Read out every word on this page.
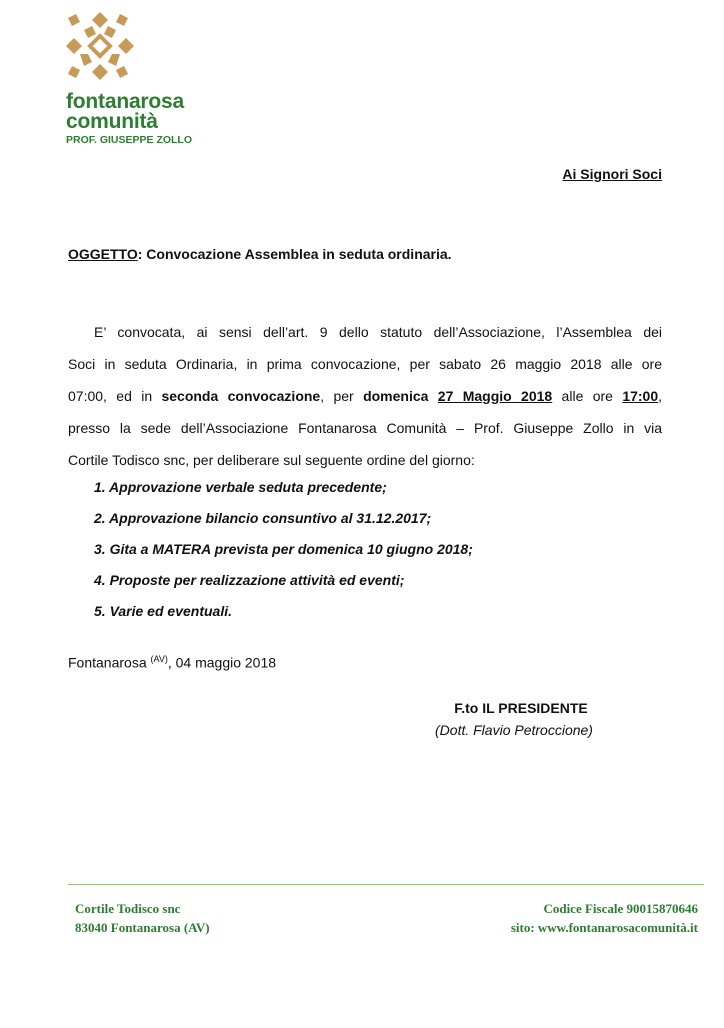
fontanarosa
comunità
PROF. GIUSEPPE ZOLLO
Ai Signori Soci
OGGETTO: Convocazione Assemblea in seduta ordinaria.
E’ convocata, ai sensi dell’art. 9 dello statuto dell’Associazione, l’Assemblea dei
Soci in seduta Ordinaria, in prima convocazione, per sabato 26 maggio 2018 alle ore
07:00, ed in seconda convocazione, per domenica 27 Maggio 2018 alle ore 17:00,
presso la sede dell’Associazione Fontanarosa Comunità – Prof. Giuseppe Zollo in via
Cortile Todisco snc, per deliberare sul seguente ordine del giorno:
1. Approvazione verbale seduta precedente;
2. Approvazione bilancio consuntivo al 31.12.2017;
3. Gita a MATERA prevista per domenica 10 giugno 2018;
4. Proposte per realizzazione attività ed eventi;
5. Varie ed eventuali.
Fontanarosa $^{(AV)}$, 04 maggio 2018
F.to IL PRESIDENTE
(Dott. Flavio Petroccione)
Cortile Todisco snc
83040 Fontanarosa (AV)
Codice Fiscale 90015870646
sito: www.fontanarosacomunità.it
